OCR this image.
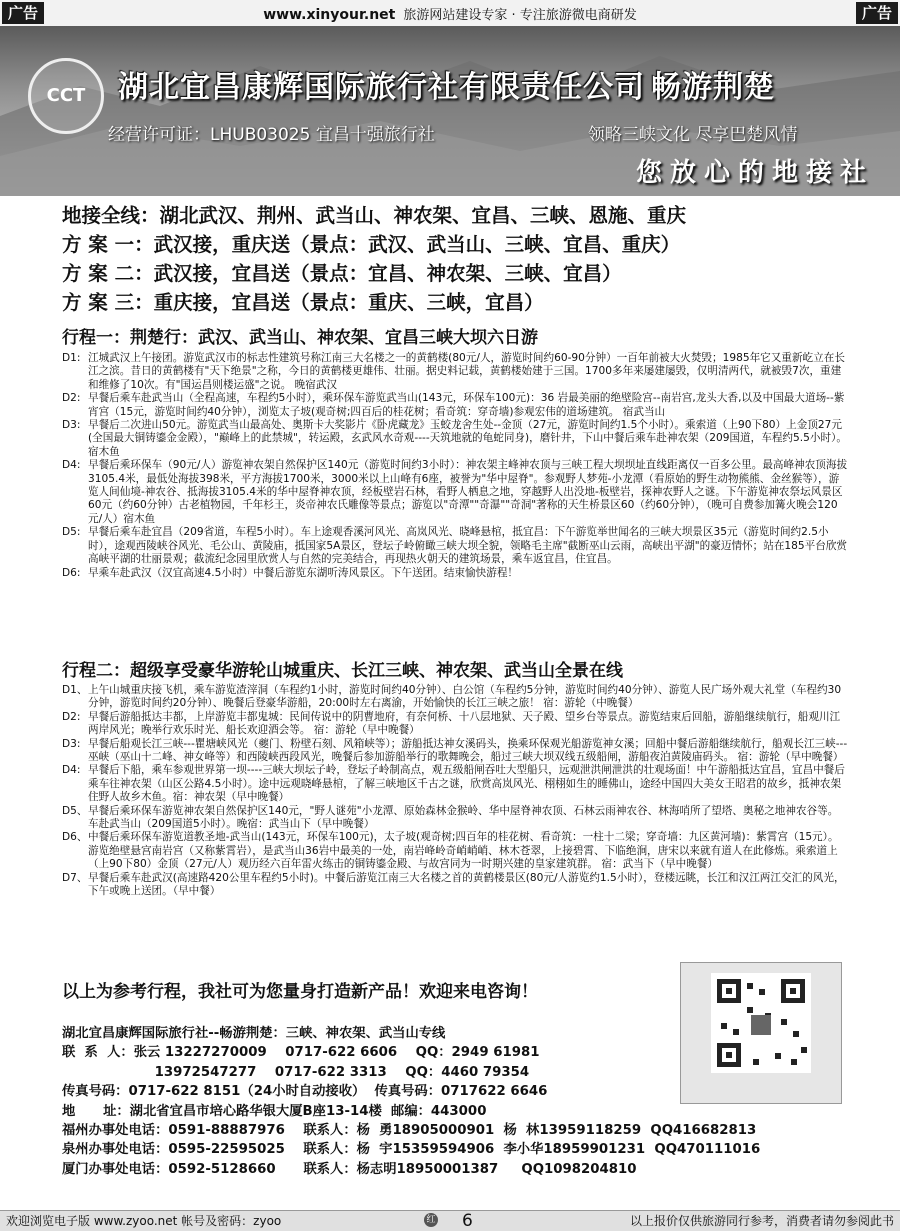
广告	www.xinyour.net 旅游网站建设专家 · 专注旅游微电商研发	广告
CCT	湖北宜昌康辉国际旅行社有限责任公司 畅游荆楚
经营许可证：LHUB03025 宜昌十强旅行社	领略三峡文化 尽享巴楚风情
您放心的地接社
地接全线：湖北武汉、荆州、武当山、神农架、宜昌、三峡、恩施、重庆
方 案 一：武汉接，重庆送（景点：武汉、武当山、三峡、宜昌、重庆）
方 案 二：武汉接，宜昌送（景点：宜昌、神农架、三峡、宜昌）
方 案 三：重庆接，宜昌送（景点：重庆、三峡，宜昌）
行程一：荆楚行：武汉、武当山、神农架、宜昌三峡大坝六日游
D1: 江城武汉上午接团。游览武汉市的标志性建筑号称江南三大名楼之一的黄鹤楼(80元/人，游览时间约60-90分钟）一百年前被大火焚毁；1985年它又重新屹立在长江之滨。昔日的黄鹤楼有"天下绝景"之称，今日的黄鹤楼更雄伟、壮丽。据史料记载，黄鹤楼始建于三国。1700多年来屡建屡毁，仅明清两代，就被毁7次，重建和维修了10次。有"国运昌则楼运盛"之说。 晚宿武汉
D2: 早餐后乘车赴武当山（全程高速，车程约5小时），乘环保车游览武当山(143元，环保车100元)：36 岩最美丽的绝壁险宫--南岩宫,龙头大香,以及中国最大道场--紫宵宫（15元，游览时间约40分钟），浏览太子坡(观奇树;四百后的桂花树；看奇筑：穿奇墙)参观宏伟的道场建筑。 宿武当山
D3: 早餐后二次进山50元。游览武当山最高处、奥斯卡大奖影片《卧虎藏龙》玉蛟龙舍生处--金顶（27元，游览时间约1.5个小时）。乘索道（上90下80）上金顶27元(全国最大铜铸鎏金金殿），"巅峰上的此禁城"，转运殿，玄武风水奇观----天筑地就的龟蛇同身)，磨针井，下山中餐后乘车赴神农架（209国道，车程约5.5小时）。 宿木鱼
D4: 早餐后乘环保车（90元/人）游览神农架自然保护区140元（游览时间约3小时）：神农架主峰神农顶与三峡工程大坝坝址直线距离仅一百多公里。最高峰神农顶海拔3105.4米，最低处海拔398米，平方海拔1700米，3000米以上山峰有6座，被誉为"华中屋脊"。参观野人梦苑-小龙潭（看原始的野生动物熊熊、金丝猴等），游览人间仙境-神农谷、抵海拔3105.4米的华中屋脊神农顶，经板壁岩石林，看野人栖息之地，穿越野人出没地-板壁岩，探神农野人之谜。下午游览神农祭坛风景区60元（约60分钟）古老植物园，千年杉王，炎帝神农氏雕像等景点；游览以"奇潭""奇瀑""奇洞"著称的天生桥景区60（约60分钟），（晚可自费参加篝火晚会120元/人）宿木鱼
D5: 早餐后乘车赴宜昌（209省道，车程5小时）。车上途观香溪河风光、高岚风光、晓峰悬棺，抵宜昌：下午游览举世闻名的三峡大坝景区35元（游览时间约2.5小时），途观西陵峡谷风光、毛公山、黄陵庙，抵国家5A景区，登坛子岭俯瞰三峡大坝全貌，领略毛主席"截断巫山云雨，高峡出平湖"的豪迈情怀；站在185平台欣赏高峡平湖的壮丽景观；截流纪念园里欣赏人与自然的完美结合，再现热火朝天的建筑场景，乘车返宜昌，住宜昌。
D6: 早乘车赴武汉（汉宜高速4.5小时）中餐后游览东湖听涛风景区。下午送团。结束愉快游程！
行程二：超级享受豪华游轮山城重庆、长江三峡、神农架、武当山全景在线
D1、 上午山城重庆接飞机，乘车游览渣滓洞（车程约1小时，游览时间约40分钟）、白公馆（车程约5分钟，游览时间约40分钟）、游览人民广场外观大礼堂（车程约30分钟，游览时间约20分钟）、晚餐后登豪华游船，20:00时左右离渝，开始愉快的长江三峡之旅！ 宿：游轮（中晚餐）
D2: 早餐后游船抵达丰都，上岸游览丰都鬼城：民间传说中的阴曹地府，有奈何桥、十八层地狱、天子殿、望乡台等景点。游览结束后回船，游船继续航行，船观川江两岸风光；晚举行欢乐时光、船长欢迎酒会等。 宿：游轮（早中晚餐）
D3: 早餐后船观长江三峡---瞿塘峡风光（夔门、粉壁石刻、风箱峡等）；游船抵达神女溪码头，换乘环保观光船游览神女溪；回船中餐后游船继续航行，船观长江三峡---巫峡（巫山十二峰、神女峰等）和西陵峡西段风光，晚餐后参加游船举行的歌舞晚会，船过三峡大坝双线五级船闸，游船夜泊黄陵庙码头。 宿：游轮（早中晚餐）
D4: 早餐后下船，乘车参观世界第一坝----三峡大坝坛子岭，登坛子岭制高点，观五级船闸吞吐大型船只，远观泄洪闸泄洪的壮观场面！中午游船抵达宜昌，宜昌中餐后乘车往神农架（山区公路4.5小时）。途中远观晓峰悬棺，了解三峡地区千古之谜，欣赏高岚风光、栩栩如生的睡佛山，途经中国四大美女王昭君的故乡，抵神农架住野人故乡木鱼。宿：神农架（早中晚餐）
D5、 早餐后乘环保车游览神农架自然保护区140元，"野人谜苑"小龙潭、原始森林金猴岭、华中屋脊神农顶、石林云雨神农谷、林海哨所了望塔、奥秘之地神农谷等。车赴武当山（209国道5小时）。晚宿：武当山下（早中晚餐）
D6、 中餐后乘环保车游览道教圣地-武当山(143元，环保车100元)，太子坡(观奇树;四百年的桂花树、看奇筑：一柱十二梁；穿奇墙：九区黄河墙)：紫霄宫（15元）。游览绝壁悬宫南岩宫（又称紫霄岩），是武当山36岩中最美的一处，南岩峰岭奇峭峭峭、林木苍翠，上接碧霄、下临绝涧，唐宋以来就有道人在此修炼。乘索道上（上90下80）金顶（27元/人）观历经六百年雷火练击的铜铸鎏金殿、与故宫同为一时期兴建的皇家建筑群。 宿：武当下（早中晚餐）
D7、 早餐后乘车赴武汉(高速路420公里车程约5小时)。中餐后游览江南三大名楼之首的黄鹤楼景区(80元/人游览约1.5小时），登楼远眺，长江和汉江两江交汇的风光，下午或晚上送团。（早中餐）
以上为参考行程，我社可为您量身打造新产品！欢迎来电咨询！
湖北宜昌康辉国际旅行社--畅游荆楚：三峡、神农架、武当山专线
联  系  人：张云 13227270009    0717-622 6606    QQ：2949 61981
13972547277    0717-622 3313    QQ：4460 79354
传真号码：0717-622 8151（24小时自动接收）  传真号码：0717622 6646
地      址：湖北省宜昌市培心路华银大厦B座13-14楼  邮编：443000
福州办事处电话：0591-88887976    联系人：杨  勇18905000901  杨  林13959118259  QQ416682813
泉州办事处电话：0595-22595025    联系人：杨  宇15359594906  李小华18959901231  QQ470111016
厦门办事处电话：0592-5128660      联系人：杨志明18950001387     QQ1098204810
欢迎浏览电子版 www.zyoo.net 帐号及密码：zyoo	红 6	以上报价仅供旅游同行参考，消费者请勿参阅此书
